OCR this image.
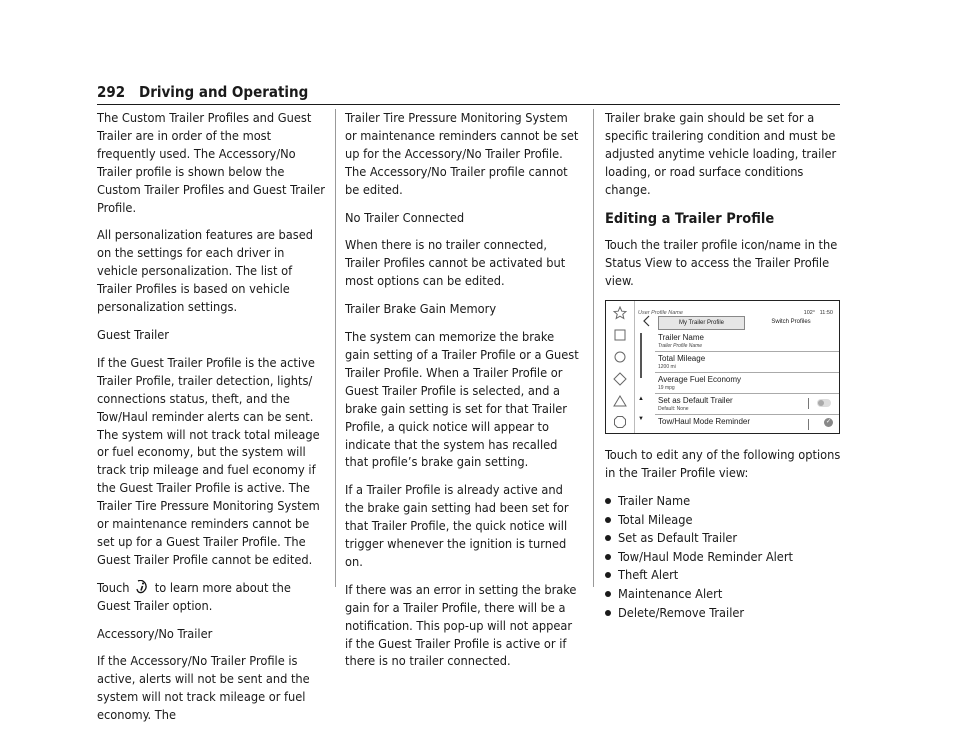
292 Driving and Operating

The Custom Trailer Profiles and Guest Trailer are in order of the most frequently used. The Accessory/No Trailer profile is shown below the Custom Trailer Profiles and Guest Trailer Profile.

All personalization features are based on the settings for each driver in vehicle personalization. The list of Trailer Profiles is based on vehicle personalization settings.

Guest Trailer

If the Guest Trailer Profile is the active Trailer Profile, trailer detection, lights/ connections status, theft, and the Tow/Haul reminder alerts can be sent. The system will not track total mileage or fuel economy, but the system will track trip mileage and fuel economy if the Guest Trailer Profile is active. The Trailer Tire Pressure Monitoring System or maintenance reminders cannot be set up for a Guest Trailer Profile. The Guest Trailer Profile cannot be edited.

Touch to learn more about the Guest Trailer option.

Accessory/No Trailer

If the Accessory/No Trailer Profile is active, alerts will not be sent and the system will not track mileage or fuel economy. The

Trailer Tire Pressure Monitoring System or maintenance reminders cannot be set up for the Accessory/No Trailer Profile. The Accessory/No Trailer profile cannot be edited.

No Trailer Connected

When there is no trailer connected, Trailer Profiles cannot be activated but most options can be edited.

Trailer Brake Gain Memory

The system can memorize the brake gain setting of a Trailer Profile or a Guest Trailer Profile. When a Trailer Profile or Guest Trailer Profile is selected, and a brake gain setting is set for that Trailer Profile, a quick notice will appear to indicate that the system has recalled that profile’s brake gain setting.

If a Trailer Profile is already active and the brake gain setting had been set for that Trailer Profile, the quick notice will trigger whenever the ignition is turned on.

If there was an error in setting the brake gain for a Trailer Profile, there will be a notification. This pop-up will not appear if the Guest Trailer Profile is active or if there is no trailer connected.

Trailer brake gain should be set for a specific trailering condition and must be adjusted anytime vehicle loading, trailer loading, or road surface conditions change.

Editing a Trailer Profile

Touch the trailer profile icon/name in the Status View to access the Trailer Profile view.

User Profile Name	102° 11:50
My Trailer Profile	Switch Profiles
▲
▼
Trailer Name
Trailer Profile Name
Total Mileage
1200 mi
Average Fuel Economy
19 mpg
Set as Default Trailer
Default: None
Tow/Haul Mode Reminder	✓

Touch to edit any of the following options in the Trailer Profile view:

Trailer Name
Total Mileage
Set as Default Trailer
Tow/Haul Mode Reminder Alert
Theft Alert
Maintenance Alert
Delete/Remove Trailer
